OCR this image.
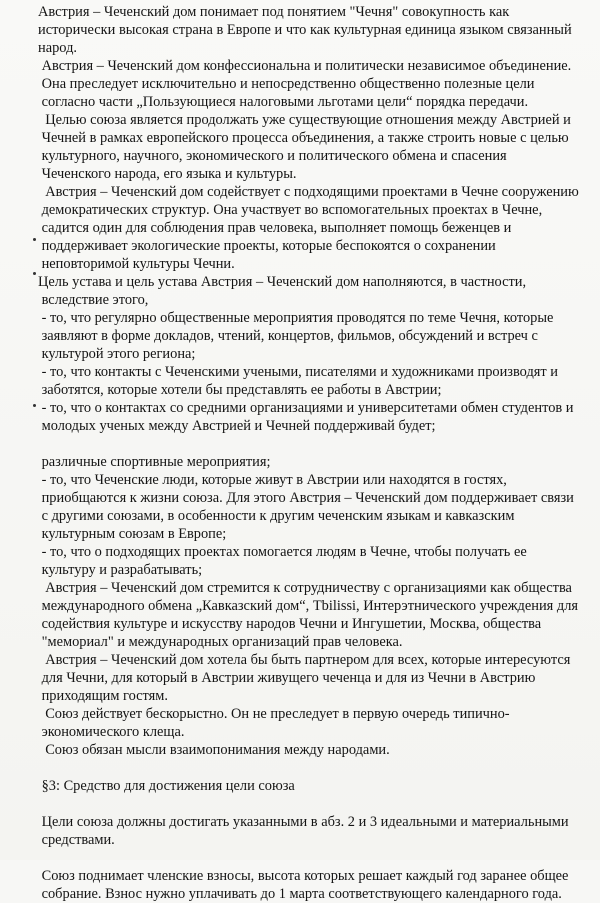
Австрия – Чеченский дом понимает под понятием "Чечня" совокупность как
исторически высокая страна в Европе и что как культурная единица языком связанный
народ.
Австрия – Чеченский дом конфессиональна и политически независимое объединение.
Она преследует исключительно и непосредственно общественно полезные цели
согласно части „Пользующиеся налоговыми льготами цели“ порядка передачи.
Целью союза является продолжать уже существующие отношения между Австрией и
Чечней в рамках европейского процесса объединения, а также строить новые с целью
культурного, научного, экономического и политического обмена и спасения
Чеченского народа, его языка и культуры.
Австрия – Чеченский дом содействует с подходящими проектами в Чечне сооружению
демократических структур. Она участвует во вспомогательных проектах в Чечне,
садится один для соблюдения прав человека, выполняет помощь беженцев и
поддерживает экологические проекты, которые беспокоятся о сохранении
неповторимой культуры Чечни.
Цель устава и цель устава Австрия – Чеченский дом наполняются, в частности,
вследствие этого,
- то, что регулярно общественные мероприятия проводятся по теме Чечня, которые
заявляют в форме докладов, чтений, концертов, фильмов, обсуждений и встреч с
культурой этого региона;
- то, что контакты с Чеченскими учеными, писателями и художниками производят и
заботятся, которые хотели бы представлять ее работы в Австрии;
- то, что о контактах со средними организациями и университетами обмен студентов и
молодых ученых между Австрией и Чечней поддерживай будет;
различные спортивные мероприятия;
- то, что Чеченские люди, которые живут в Австрии или находятся в гостях,
приобщаются к жизни союза. Для этого Австрия – Чеченский дом поддерживает связи
с другими союзами, в особенности к другим чеченским языкам и кавказским
культурным союзам в Европе;
- то, что о подходящих проектах помогается людям в Чечне, чтобы получать ее
культуру и разрабатывать;
Австрия – Чеченский дом стремится к сотрудничеству с организациями как общества
международного обмена „Кавказский дом“, Tbilissi, Интерэтнического учреждения для
содействия культуре и искусству народов Чечни и Ингушетии, Москва, общества
"мемориал" и международных организаций прав человека.
Австрия – Чеченский дом хотела бы быть партнером для всех, которые интересуются
для Чечни, для который в Австрии живущего чеченца и для из Чечни в Австрию
приходящим гостям.
Союз действует бескорыстно. Он не преследует в первую очередь типично-
экономического клеща.
Союз обязан мысли взаимопонимания между народами.
§3: Средство для достижения цели союза
Цели союза должны достигать указанными в абз. 2 и 3 идеальными и материальными
средствами.
Союз поднимает членские взносы, высота которых решает каждый год заранее общее
собрание. Взнос нужно уплачивать до 1 марта соответствующего календарного года.
